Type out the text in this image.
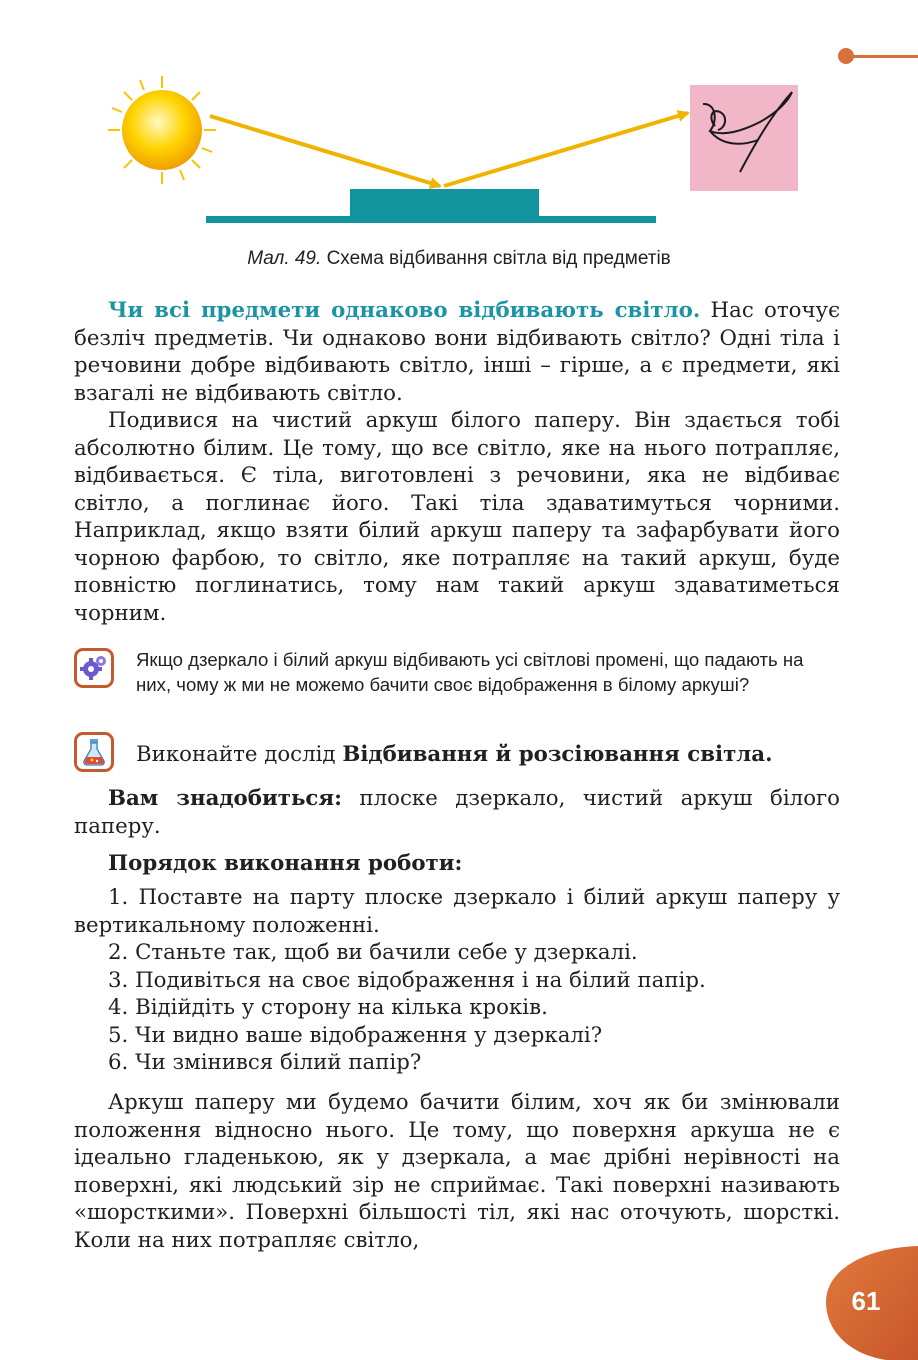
Мал. 49. Схема відбивання світла від предметів

Чи всі предмети однаково відбивають світло. Нас оточує безліч предметів. Чи однаково вони відбивають світло? Одні тіла і речовини добре відбивають світло, інші – гірше, а є предмети, які взагалі не відбивають світло.

Подивися на чистий аркуш білого паперу. Він здається тобі абсолютно білим. Це тому, що все світло, яке на нього потрапляє, відбивається. Є тіла, виготовлені з речовини, яка не відбиває світло, а поглинає його. Такі тіла здаватимуться чорними. Наприклад, якщо взяти білий аркуш паперу та зафарбувати його чорною фарбою, то світло, яке потрапляє на такий аркуш, буде повністю поглинатись, тому нам такий аркуш здаватиметься чорним.

Якщо дзеркало і білий аркуш відбивають усі світлові промені, що падають на них, чому ж ми не можемо бачити своє відображення в білому аркуші?
Виконайте дослід Відбивання й розсіювання світла.

Вам знадобиться: плоске дзеркало, чистий аркуш білого паперу.

Порядок виконання роботи:

1. Поставте на парту плоске дзеркало і білий аркуш паперу у вертикальному положенні.

2. Станьте так, щоб ви бачили себе у дзеркалі.

3. Подивіться на своє відображення і на білий папір.

4. Відійдіть у сторону на кілька кроків.

5. Чи видно ваше відображення у дзеркалі?

6. Чи змінився білий папір?

Аркуш паперу ми будемо бачити білим, хоч як би змінювали положення відносно нього. Це тому, що поверхня аркуша не є ідеально гладенькою, як у дзеркала, а має дрібні нерівності на поверхні, які людський зір не сприймає. Такі поверхні називають «шорсткими». Поверхні більшості тіл, які нас оточують, шорсткі. Коли на них потрапляє світло,

61
